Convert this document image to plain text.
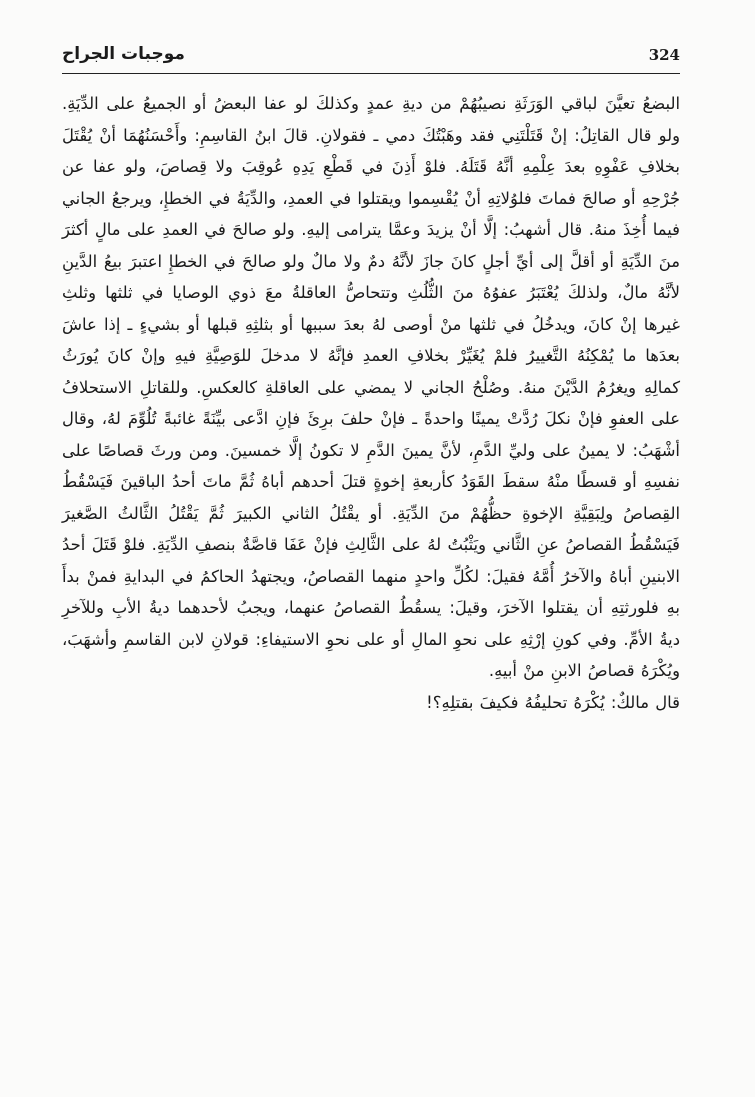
324
موجبات الجراح

البضعُ تعيَّنَ لباقي الوَرَثَةِ نصيبُهُمْ من ديةِ عمدٍ وكذلكَ لو عفا البعضُ أو الجميعُ على الدِّيَةِ. ولو قال القاتِلُ: إنْ قَتَلْتَنِي فقد وهَبْتُكَ دمي ـ فقولانِ. قالَ ابنُ القاسِمِ: وأَحْسَنُهُمَا أنْ يُقْتَلَ بخلافِ عَفْوِهِ بعدَ عِلْمِهِ أنَّهُ قَتَلَهُ. فلوْ أَذِنَ في قَطْعِ يَدِهِ عُوقِبَ ولا قِصاصَ، ولو عفا عن جُرْحِهِ أو صالحَ فماتَ فلوُلاتِهِ أنْ يُقْسِموا ويقتلوا في العمدِ، والدِّيَةُ في الخطإِ، ويرجعُ الجاني فيما أُخِذَ منهُ. قال أشهبُ: إلَّا أنْ يزيدَ وعمَّا يترامى إليهِ. ولو صالحَ في العمدِ على مالٍ أكثرَ منَ الدِّيَةِ أو أقلَّ إلى أيِّ أجلٍ كانَ جازَ لأنَّهُ دمٌ ولا مالٌ ولو صالحَ في الخطإِ اعتبرَ بيعُ الدَّينِ لأنَّهُ مالٌ، ولذلكَ يُعْتَبَرُ عفوُهُ منَ الثُّلُثِ وتتحاصُّ العاقلةُ معَ ذوي الوصايا في ثلثها وثلثِ غيرها إنْ كانَ، ويدخُلُ في ثلثها منْ أوصى لهُ بعدَ سببها أو بثلثِهِ قبلها أو بشيءٍ ـ إذا عاشَ بعدَها ما يُمْكِنُهُ التَّغييرُ فلمْ يُغَيِّرْ بخلافِ العمدِ فإنَّهُ لا مدخلَ للوَصِيَّةِ فيهِ وإنْ كانَ يُورَثُ كمالِهِ ويغرُمُ الدَّيْنَ منهُ. وصُلْحُ الجاني لا يمضي على العاقلةِ كالعكسِ. وللقاتلِ الاستحلافُ على العفوِ فإنْ نكلَ رُدَّتْ يمينًا واحدةً ـ فإنْ حلفَ برِئَ فإنِ ادَّعى بيِّنَةً غائبةً تُلُوِّمَ لهُ، وقال أشْهَبُ: لا يمينُ على وليِّ الدَّمِ، لأنَّ يمينَ الدَّمِ لا تكونُ إلَّا خمسينَ. ومن ورثَ قصاصًا على نفسِهِ أو قسطًا منْهُ سقطَ القَوَدُ كأربعةِ إخوةٍ قتلَ أحدهم أباهُ ثُمَّ ماتَ أحدُ الباقينَ فَيَسْقُطُ القِصاصُ ولِبَقِيَّةِ الإخوةِ حظُّهُمْ منَ الدِّيَةِ. أو يقْتُلُ الثاني الكبيرَ ثُمَّ يَقْتُلُ الثَّالثُ الصَّغيرَ فَيَسْقُطُ القصاصُ عنِ الثَّاني ويَثْبُتُ لهُ على الثَّالِثِ فإنْ عَفَا قاصَّةٌ بنصفِ الدِّيَةِ. فلوْ قَتَلَ أحدُ الابنينِ أباهُ والآخرُ أُمَّهُ فقيلَ: لكُلِّ واحدٍ منهما القصاصُ، ويجتهدُ الحاكمُ في البدايةِ فمنْ بدأَ بهِ فلورثتِهِ أن يقتلوا الآخرَ، وقيلَ: يسقُطُ القصاصُ عنهما، ويجبُ لأحدهما ديةُ الأبِ وللآخرِ ديةُ الأمِّ. وفي كونِ إرْثِهِ على نحوِ المالِ أو على نحوِ الاستيفاءِ: قولانِ لابن القاسمِ وأشهَبَ، ويُكْرَهُ قصاصُ الابنِ منْ أبيهِ.

قال مالكٌ: يُكْرَهُ تحليفُهُ فكيفَ بقتلِهِ؟!
